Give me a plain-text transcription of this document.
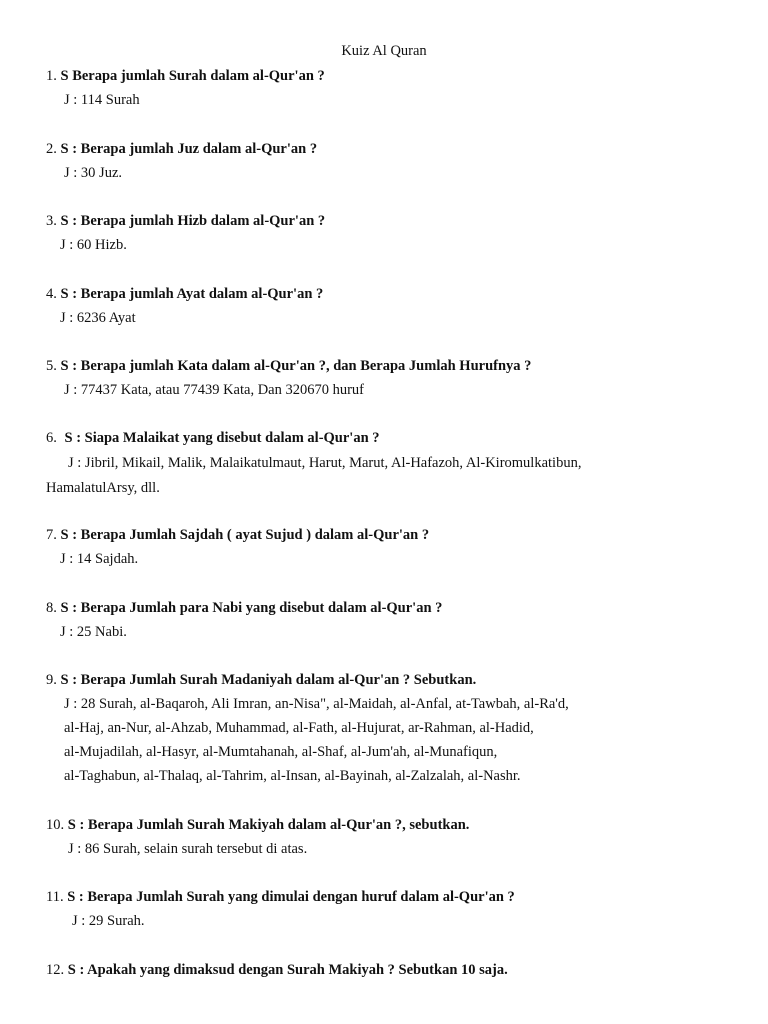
Kuiz Al Quran
1. S Berapa jumlah Surah dalam al-Qur'an ?
J : 114 Surah
2. S : Berapa jumlah Juz dalam al-Qur'an ?
J : 30 Juz.
3. S : Berapa jumlah Hizb dalam al-Qur'an ?
J : 60 Hizb.
4. S : Berapa jumlah Ayat dalam al-Qur'an ?
J : 6236 Ayat
5. S : Berapa jumlah Kata dalam al-Qur'an ?, dan Berapa Jumlah Hurufnya ?
J : 77437 Kata, atau 77439 Kata, Dan 320670 huruf
6. S : Siapa Malaikat yang disebut dalam al-Qur'an ?
J : Jibril, Mikail, Malik, Malaikatulmaut, Harut, Marut, Al-Hafazoh, Al-Kiromulkatibun,
HamalatulArsy, dll.
7. S : Berapa Jumlah Sajdah ( ayat Sujud ) dalam al-Qur'an ?
J : 14 Sajdah.
8. S : Berapa Jumlah para Nabi yang disebut dalam al-Qur'an ?
J : 25 Nabi.
9. S : Berapa Jumlah Surah Madaniyah dalam al-Qur'an ? Sebutkan.
J : 28 Surah, al-Baqaroh, Ali Imran, an-Nisa", al-Maidah, al-Anfal, at-Tawbah, al-Ra'd,
al-Haj, an-Nur, al-Ahzab, Muhammad, al-Fath, al-Hujurat, ar-Rahman, al-Hadid,
al-Mujadilah, al-Hasyr, al-Mumtahanah, al-Shaf, al-Jum'ah, al-Munafiqun,
al-Taghabun, al-Thalaq, al-Tahrim, al-Insan, al-Bayinah, al-Zalzalah, al-Nashr.
10. S : Berapa Jumlah Surah Makiyah dalam al-Qur'an ?, sebutkan.
J : 86 Surah, selain surah tersebut di atas.
11. S : Berapa Jumlah Surah yang dimulai dengan huruf dalam al-Qur'an ?
J : 29 Surah.
12. S : Apakah yang dimaksud dengan Surah Makiyah ? Sebutkan 10 saja.
